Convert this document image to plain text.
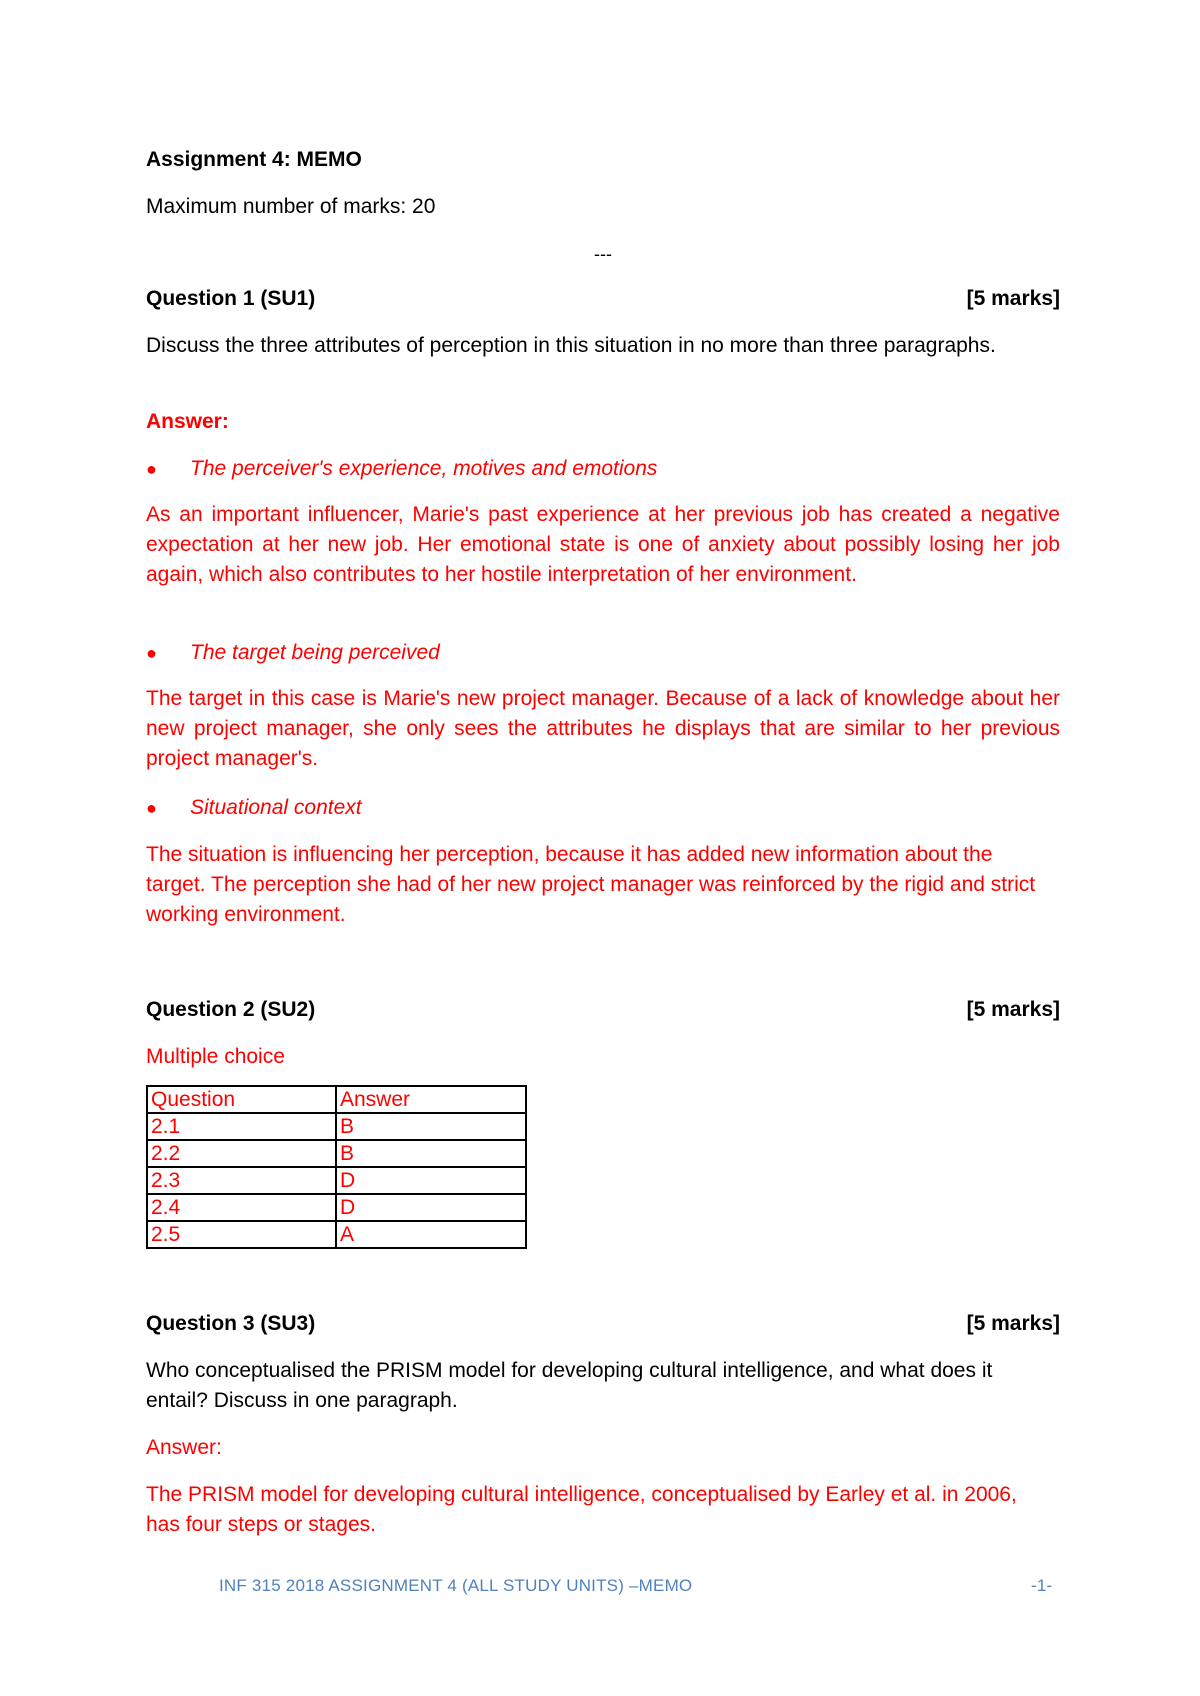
Assignment 4: MEMO
Maximum number of marks: 20
---
Question 1 (SU1)	[5 marks]
Discuss the three attributes of perception in this situation in no more than three paragraphs.
Answer:
●	The perceiver's experience, motives and emotions
As an important influencer, Marie's past experience at her previous job has created a negative expectation at her new job. Her emotional state is one of anxiety about possibly losing her job again, which also contributes to her hostile interpretation of her environment.
●	The target being perceived
The target in this case is Marie's new project manager. Because of a lack of knowledge about her new project manager, she only sees the attributes he displays that are similar to her previous project manager's.
●	Situational context
The situation is influencing her perception, because it has added new information about the target. The perception she had of her new project manager was reinforced by the rigid and strict working environment.
Question 2 (SU2)	[5 marks]
Multiple choice
Question	Answer
2.1	B
2.2	B
2.3	D
2.4	D
2.5	A
Question 3 (SU3)	[5 marks]
Who conceptualised the PRISM model for developing cultural intelligence, and what does it entail? Discuss in one paragraph.
Answer:
The PRISM model for developing cultural intelligence, conceptualised by Earley et al. in 2006, has four steps or stages.
INF 315 2018 ASSIGNMENT 4 (ALL STUDY UNITS) –MEMO	-1-
